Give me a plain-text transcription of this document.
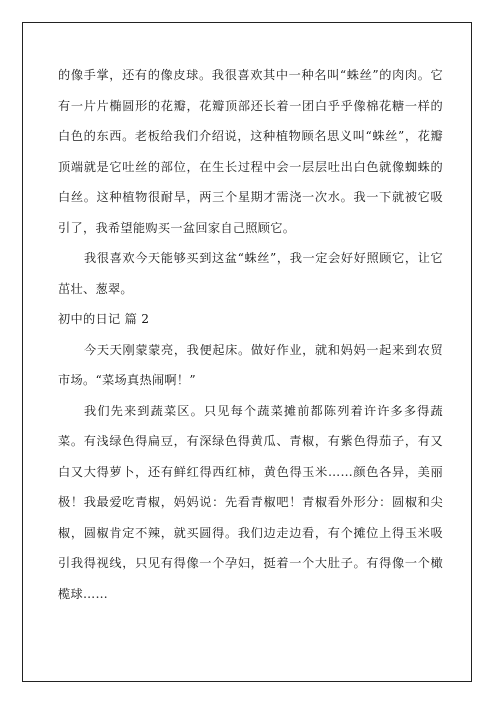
的像手掌，还有的像皮球。我很喜欢其中一种名叫“蛛丝”的肉肉。它有一片片椭圆形的花瓣，花瓣顶部还长着一团白乎乎像棉花糖一样的白色的东西。老板给我们介绍说，这种植物顾名思义叫“蛛丝”，花瓣顶端就是它吐丝的部位，在生长过程中会一层层吐出白色就像蜘蛛的白丝。这种植物很耐旱，两三个星期才需浇一次水。我一下就被它吸引了，我希望能购买一盆回家自己照顾它。

我很喜欢今天能够买到这盆“蛛丝”，我一定会好好照顾它，让它茁壮、葱翠。

初中的日记 篇 2

今天天刚蒙蒙亮，我便起床。做好作业，就和妈妈一起来到农贸市场。“菜场真热闹啊！”

我们先来到蔬菜区。只见每个蔬菜摊前都陈列着许许多多得蔬菜。有浅绿色得扁豆，有深绿色得黄瓜、青椒，有紫色得茄子，有又白又大得萝卜，还有鲜红得西红柿，黄色得玉米……颜色各异，美丽极！我最爱吃青椒，妈妈说：先看青椒吧！青椒看外形分：圆椒和尖椒，圆椒肯定不辣，就买圆得。我们边走边看，有个摊位上得玉米吸引我得视线，只见有得像一个孕妇，挺着一个大肚子。有得像一个橄榄球……
